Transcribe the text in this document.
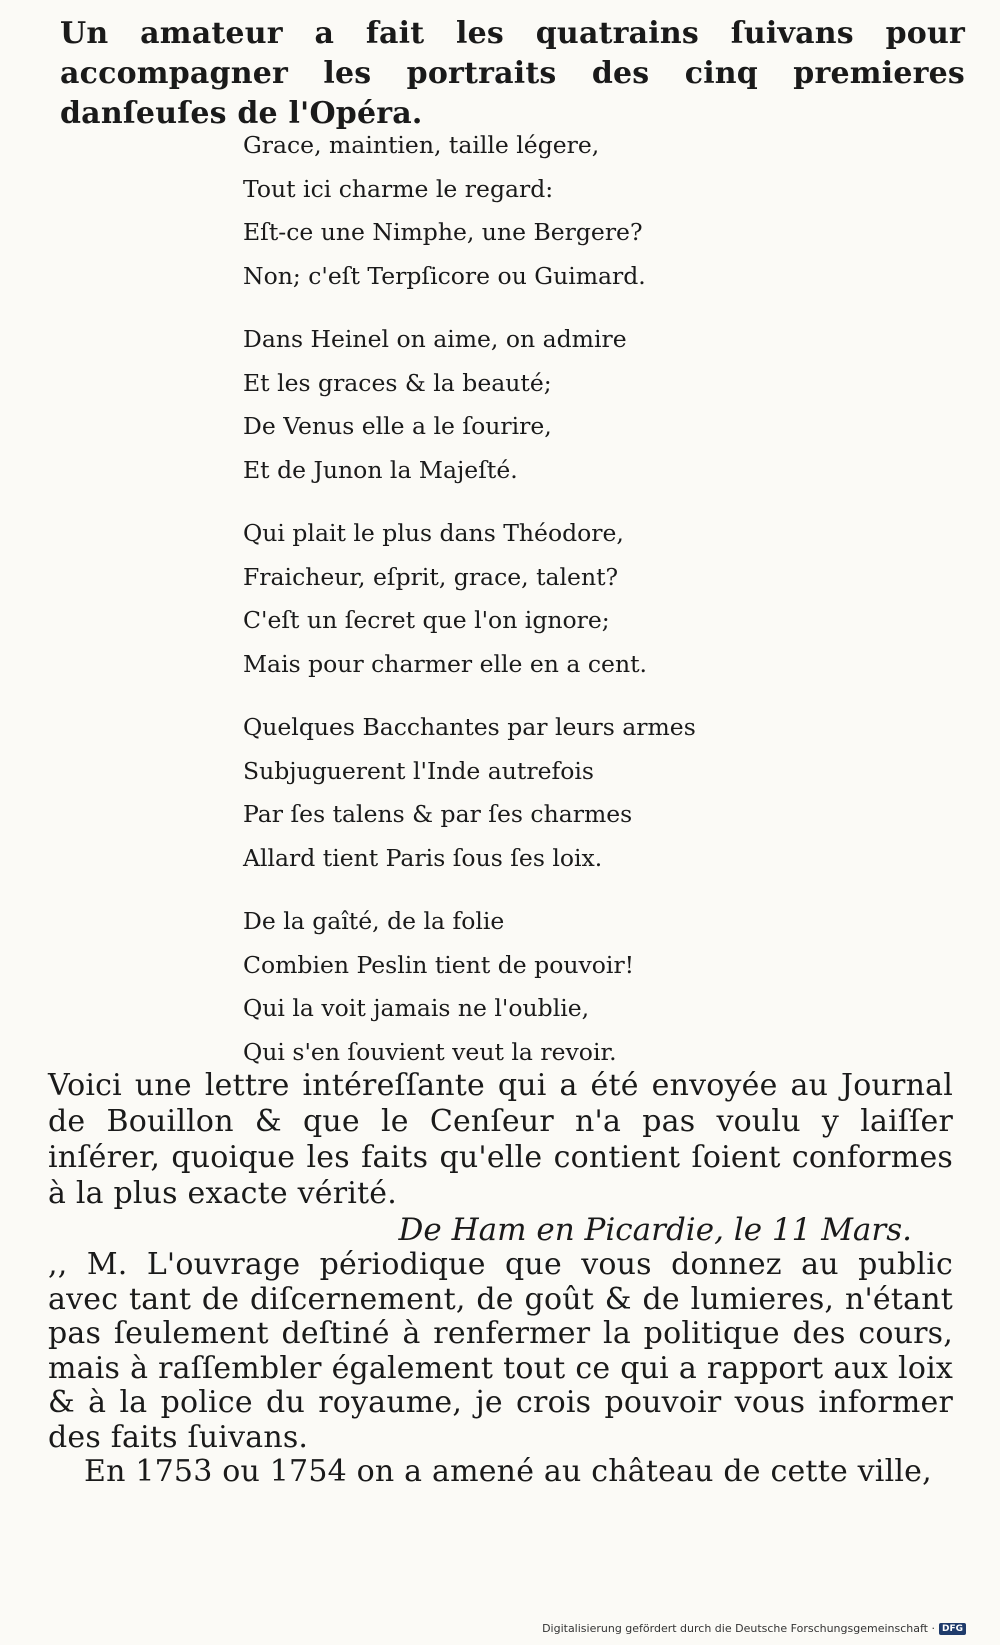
Un amateur a fait les quatrains ſuivans pour accompagner les portraits des cinq premieres danſeuſes de l'Opéra.
Grace, maintien, taille légere,
Tout ici charme le regard:
Eſt-ce une Nimphe, une Bergere?
Non; c'eſt Terpſicore ou Guimard.
Dans Heinel on aime, on admire
Et les graces & la beauté;
De Venus elle a le ſourire,
Et de Junon la Majeſté.
Qui plait le plus dans Théodore,
Fraicheur, eſprit, grace, talent?
C'eſt un ſecret que l'on ignore;
Mais pour charmer elle en a cent.
Quelques Bacchantes par leurs armes
Subjuguerent l'Inde autrefois
Par ſes talens & par ſes charmes
Allard tient Paris ſous ſes loix.
De la gaîté, de la folie
Combien Peslin tient de pouvoir!
Qui la voit jamais ne l'oublie,
Qui s'en ſouvient veut la revoir.
Voici une lettre intéreſſante qui a été envoyée au Journal de Bouillon & que le Cenſeur n'a pas voulu y laiſſer inſérer, quoique les faits qu'elle contient ſoient conformes à la plus exacte vérité.
De Ham en Picardie, le 11 Mars.
,, M. L'ouvrage périodique que vous donnez au public avec tant de diſcernement, de goût & de lumieres, n'étant pas ſeulement deſtiné à renfermer la politique des cours, mais à raſſembler également tout ce qui a rapport aux loix & à la police du royaume, je crois pouvoir vous informer des faits ſuivans.
En 1753 ou 1754 on a amené au château de cette ville,
Digitalisierung gefördert durch die Deutsche Forschungsgemeinschaft · DFG
